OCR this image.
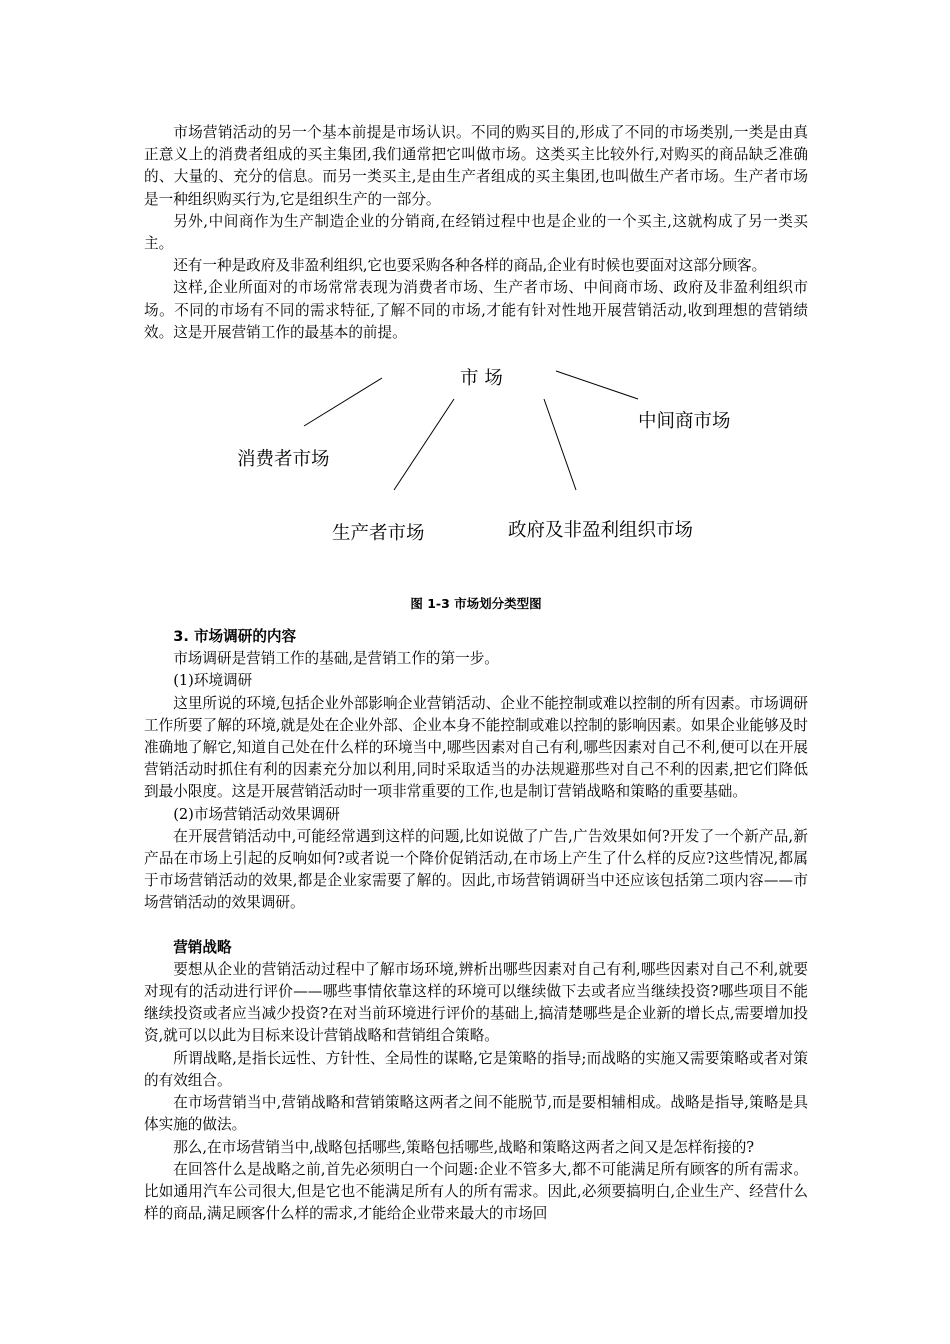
市场营销活动的另一个基本前提是市场认识。不同的购买目的,形成了不同的市场类别,一类是由真正意义上的消费者组成的买主集团,我们通常把它叫做市场。这类买主比较外行,对购买的商品缺乏准确的、大量的、充分的信息。而另一类买主,是由生产者组成的买主集团,也叫做生产者市场。生产者市场是一种组织购买行为,它是组织生产的一部分。

另外,中间商作为生产制造企业的分销商,在经销过程中也是企业的一个买主,这就构成了另一类买主。

还有一种是政府及非盈利组织,它也要采购各种各样的商品,企业有时候也要面对这部分顾客。

这样,企业所面对的市场常常表现为消费者市场、生产者市场、中间商市场、政府及非盈利组织市场。不同的市场有不同的需求特征,了解不同的市场,才能有针对性地开展营销活动,收到理想的营销绩效。这是开展营销工作的最基本的前提。

市 场
消费者市场
生产者市场	政府及非盈利组织市场
中间商市场
图 1-3 市场划分类型图
3. 市场调研的内容

市场调研是营销工作的基础,是营销工作的第一步。

(1)环境调研

这里所说的环境,包括企业外部影响企业营销活动、企业不能控制或难以控制的所有因素。市场调研工作所要了解的环境,就是处在企业外部、企业本身不能控制或难以控制的影响因素。如果企业能够及时准确地了解它,知道自己处在什么样的环境当中,哪些因素对自己有利,哪些因素对自己不利,便可以在开展营销活动时抓住有利的因素充分加以利用,同时采取适当的办法规避那些对自己不利的因素,把它们降低到最小限度。这是开展营销活动时一项非常重要的工作,也是制订营销战略和策略的重要基础。

(2)市场营销活动效果调研

在开展营销活动中,可能经常遇到这样的问题,比如说做了广告,广告效果如何?开发了一个新产品,新产品在市场上引起的反响如何?或者说一个降价促销活动,在市场上产生了什么样的反应?这些情况,都属于市场营销活动的效果,都是企业家需要了解的。因此,市场营销调研当中还应该包括第二项内容——市场营销活动的效果调研。

营销战略

要想从企业的营销活动过程中了解市场环境,辨析出哪些因素对自己有利,哪些因素对自己不利,就要对现有的活动进行评价——哪些事情依靠这样的环境可以继续做下去或者应当继续投资?哪些项目不能继续投资或者应当减少投资?在对当前环境进行评价的基础上,搞清楚哪些是企业新的增长点,需要增加投资,就可以以此为目标来设计营销战略和营销组合策略。

所谓战略,是指长远性、方针性、全局性的谋略,它是策略的指导;而战略的实施又需要策略或者对策的有效组合。

在市场营销当中,营销战略和营销策略这两者之间不能脱节,而是要相辅相成。战略是指导,策略是具体实施的做法。

那么,在市场营销当中,战略包括哪些,策略包括哪些,战略和策略这两者之间又是怎样衔接的?

在回答什么是战略之前,首先必须明白一个问题:企业不管多大,都不可能满足所有顾客的所有需求。比如通用汽车公司很大,但是它也不能满足所有人的所有需求。因此,必须要搞明白,企业生产、经营什么样的商品,满足顾客什么样的需求,才能给企业带来最大的市场回
